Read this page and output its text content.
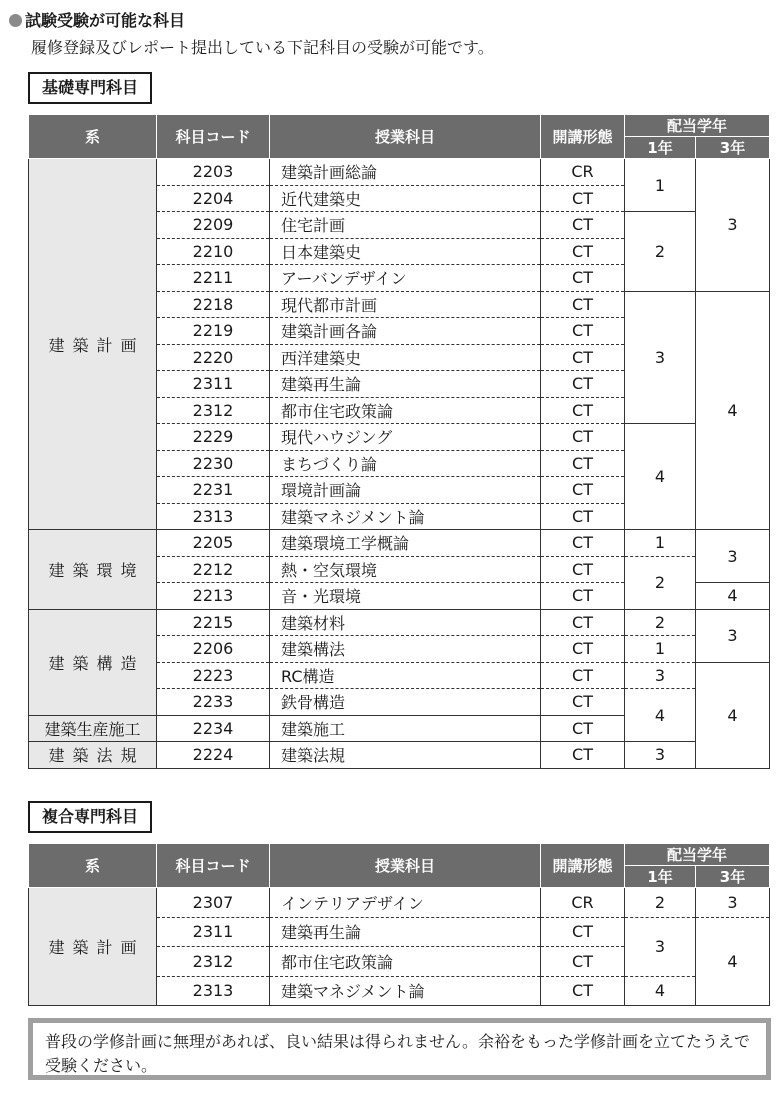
試験受験が可能な科目
履修登録及びレポート提出している下記科目の受験が可能です。
基礎専門科目
系	科目コード	授業科目	開講形態	配当学年	
				1年	3年
建築計画	2203	建築計画総論	CR	1	3
	2204	近代建築史	CT		
	2209	住宅計画	CT	2	
	2210	日本建築史	CT		
	2211	アーバンデザイン	CT		
	2218	現代都市計画	CT	3	4
	2219	建築計画各論	CT		
	2220	西洋建築史	CT		
	2311	建築再生論	CT		
	2312	都市住宅政策論	CT		
	2229	現代ハウジング	CT	4	
	2230	まちづくり論	CT		
	2231	環境計画論	CT		
	2313	建築マネジメント論	CT		
建築環境	2205	建築環境工学概論	CT	1	3
	2212	熱・空気環境	CT	2	
	2213	音・光環境	CT		4
建築構造	2215	建築材料	CT	2	3
	2206	建築構法	CT	1	
	2223	RC構造	CT	3	4
	2233	鉄骨構造	CT	4	
建築生産施工	2234	建築施工	CT		
建築法規	2224	建築法規	CT	3	
複合専門科目
系	科目コード	授業科目	開講形態	配当学年	
				1年	3年
建築計画	2307	インテリアデザイン	CR	2	3
	2311	建築再生論	CT	3	4
	2312	都市住宅政策論	CT		
	2313	建築マネジメント論	CT	4	
普段の学修計画に無理があれば、良い結果は得られません。余裕をもった学修計画を立てたうえで受験ください。
